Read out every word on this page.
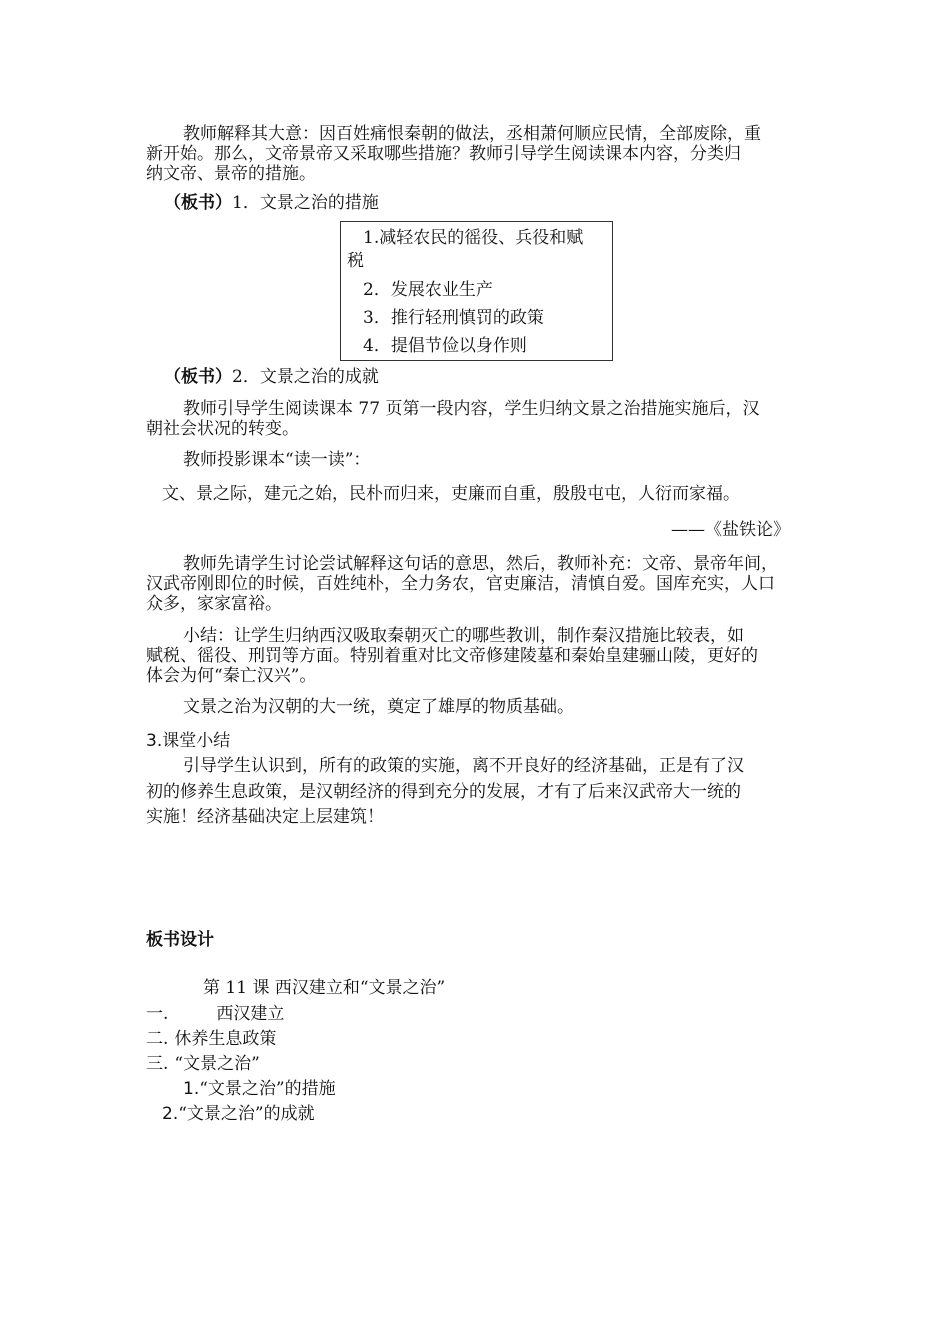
教师解释其大意：因百姓痛恨秦朝的做法，丞相萧何顺应民情，全部废除，重
新开始。那么，文帝景帝又采取哪些措施？教师引导学生阅读课本内容，分类归
纳文帝、景帝的措施。
（板书）1．文景之治的措施
1.减轻农民的徭役、兵役和赋
税
2．发展农业生产
3．推行轻刑慎罚的政策
4．提倡节俭以身作则
（板书）2．文景之治的成就
教师引导学生阅读课本 77 页第一段内容，学生归纳文景之治措施实施后，汉
朝社会状况的转变。
教师投影课本“读一读”：
文、景之际，建元之始，民朴而归来，吏廉而自重，殷殷屯屯，人衍而家福。
——《盐铁论》
教师先请学生讨论尝试解释这句话的意思，然后，教师补充：文帝、景帝年间，
汉武帝刚即位的时候，百姓纯朴，全力务农，官吏廉洁，清慎自爱。国库充实，人口
众多，家家富裕。
小结：让学生归纳西汉吸取秦朝灭亡的哪些教训，制作秦汉措施比较表，如
赋税、徭役、刑罚等方面。特别着重对比文帝修建陵墓和秦始皇建骊山陵，更好的
体会为何“秦亡汉兴”。
文景之治为汉朝的大一统，奠定了雄厚的物质基础。
3.课堂小结
引导学生认识到，所有的政策的实施，离不开良好的经济基础，正是有了汉
初的修养生息政策，是汉朝经济的得到充分的发展，才有了后来汉武帝大一统的
实施！经济基础决定上层建筑！
板书设计
第 11 课 西汉建立和“文景之治”
一.	西汉建立
二. 休养生息政策
三. “文景之治”
1.“文景之治”的措施
2.“文景之治”的成就
